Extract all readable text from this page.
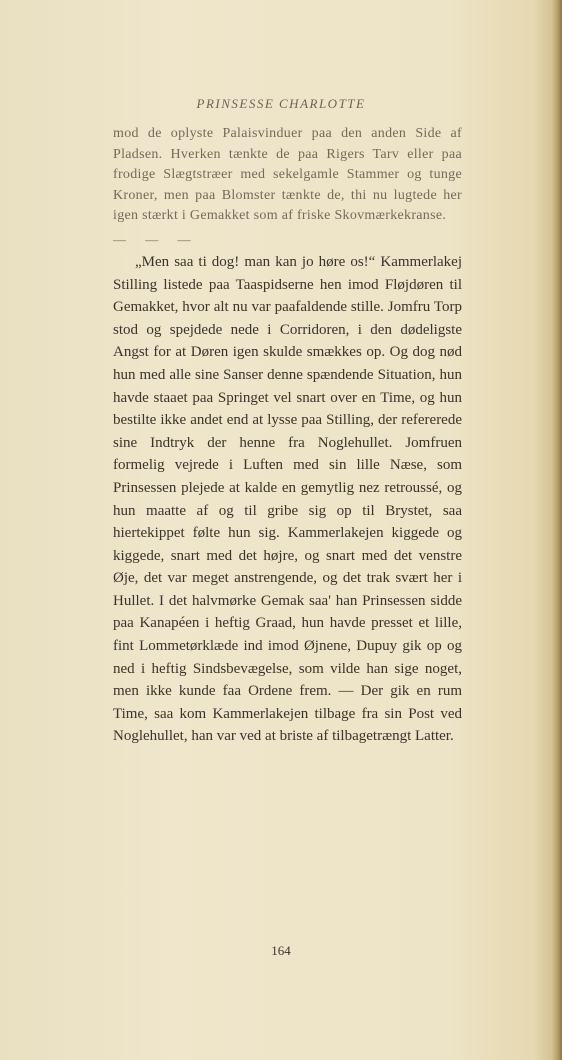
PRINSESSE CHARLOTTE

mod de oplyste Palaisvinduer paa den anden Side af Pladsen. Hverken tænkte de paa Rigers Tarv eller paa frodige Slægtstræer med sekelgamle Stammer og tunge Kroner, men paa Blomster tænkte de, thi nu lugtede her igen stærkt i Gemakket som af friske Skovmærkekranse.

— — —

„Men saa ti dog! man kan jo høre os!“ Kammerlakej Stilling listede paa Taaspidserne hen imod Fløjdøren til Gemakket, hvor alt nu var paafaldende stille. Jomfru Torp stod og spejdede nede i Corridoren, i den dødeligste Angst for at Døren igen skulde smækkes op. Og dog nød hun med alle sine Sanser denne spændende Situation, hun havde staaet paa Springet vel snart over en Time, og hun bestilte ikke andet end at lysse paa Stilling, der refererede sine Indtryk der henne fra Noglehullet. Jomfruen formelig vejrede i Luften med sin lille Næse, som Prinsessen plejede at kalde en gemytlig nez retroussé, og hun maatte af og til gribe sig op til Brystet, saa hiertekippet følte hun sig. Kammerlakejen kiggede og kiggede, snart med det højre, og snart med det venstre Øje, det var meget anstrengende, og det trak svært her i Hullet. I det halvmørke Gemak saa' han Prinsessen sidde paa Kanapéen i heftig Graad, hun havde presset et lille, fint Lommetørklæde ind imod Øjnene, Dupuy gik op og ned i heftig Sindsbevægelse, som vilde han sige noget, men ikke kunde faa Ordene frem. — Der gik en rum Time, saa kom Kammerlakejen tilbage fra sin Post ved Noglehullet, han var ved at briste af tilbagetrængt Latter.

164
